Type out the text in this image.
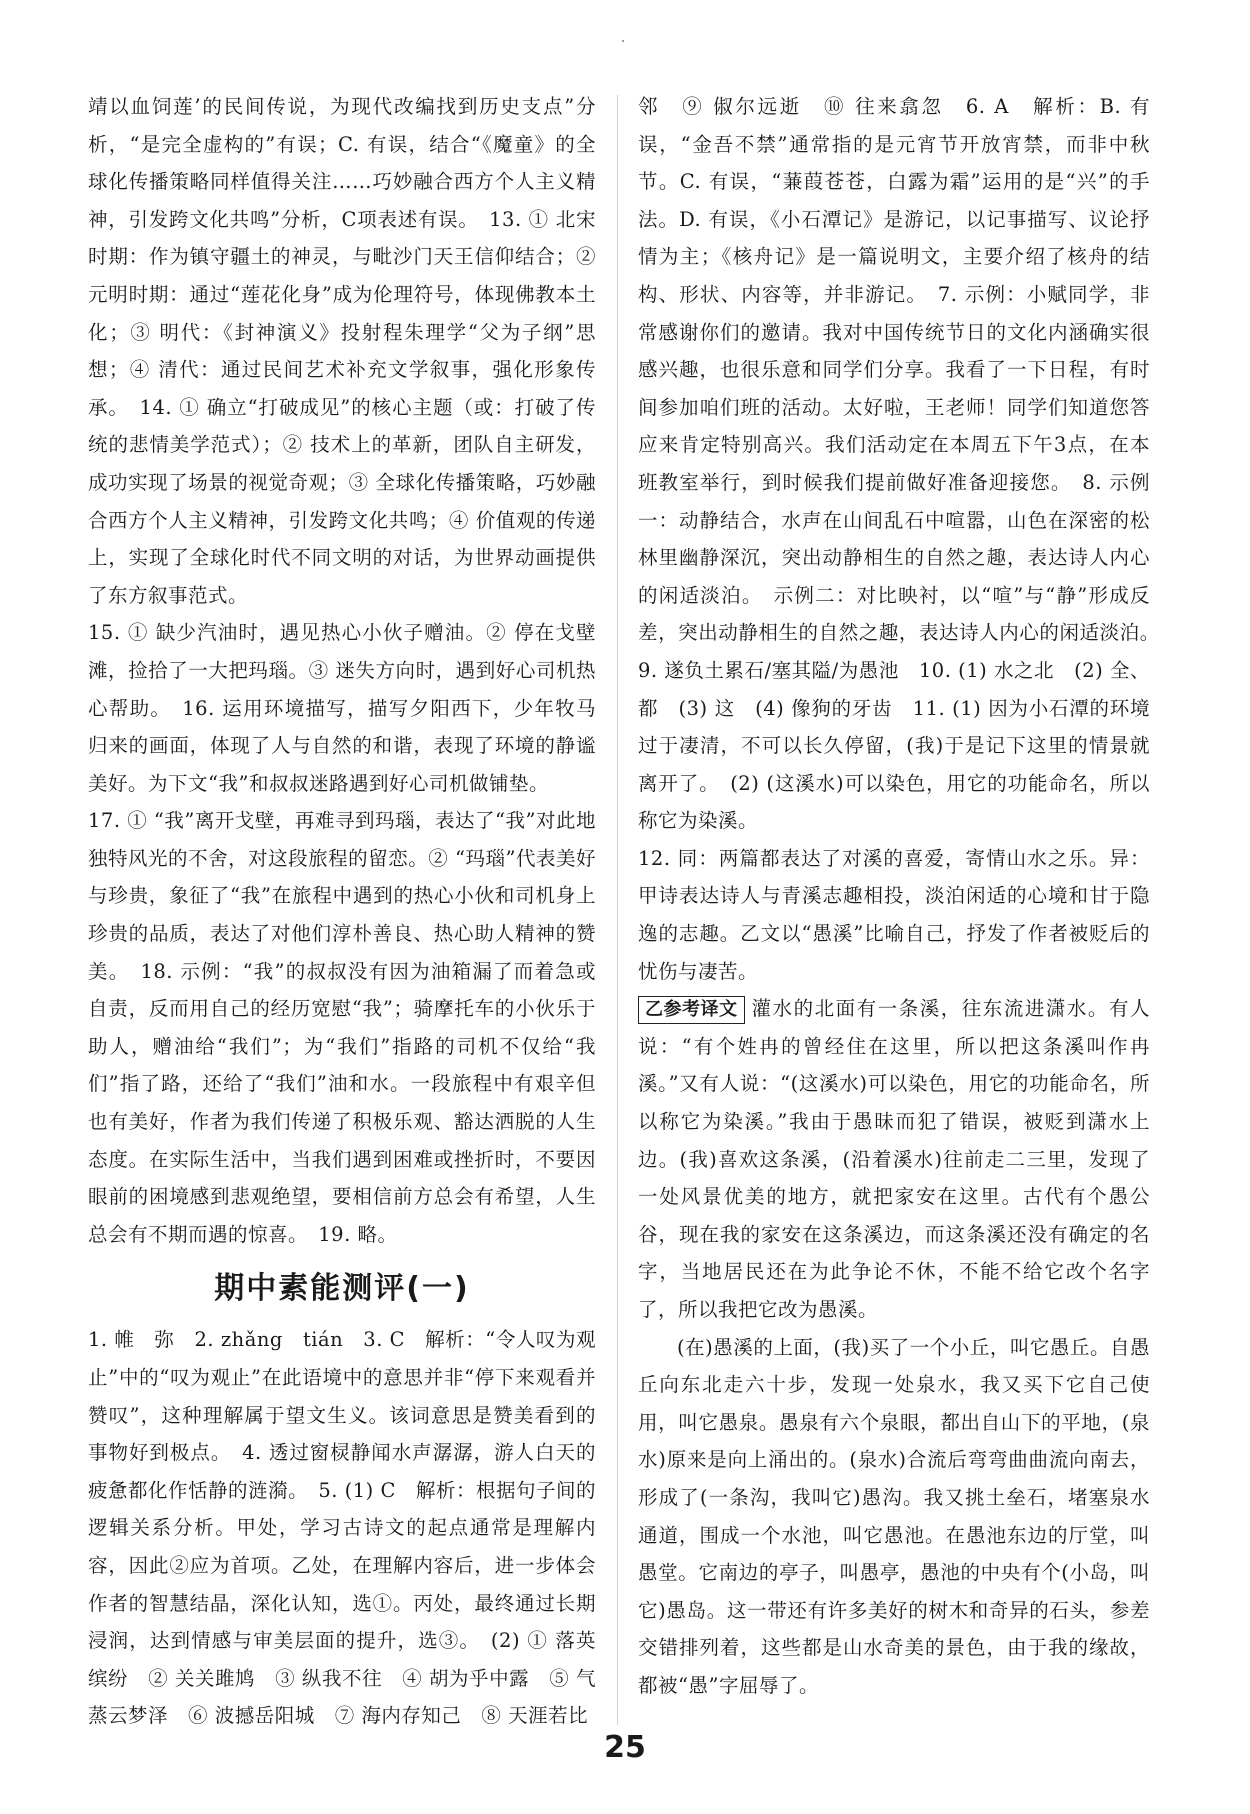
靖以血饲莲’的民间传说，为现代改编找到历史支点”分析，“是完全虚构的”有误；C. 有误，结合“《魔童》的全球化传播策略同样值得关注……巧妙融合西方个人主义精神，引发跨文化共鸣”分析，C项表述有误。　13. ① 北宋时期：作为镇守疆土的神灵，与毗沙门天王信仰结合；② 元明时期：通过“莲花化身”成为伦理符号，体现佛教本土化；③ 明代：《封神演义》投射程朱理学“父为子纲”思想；④ 清代：通过民间艺术补充文学叙事，强化形象传承。　14. ① 确立“打破成见”的核心主题（或：打破了传统的悲情美学范式）；② 技术上的革新，团队自主研发，成功实现了场景的视觉奇观；③ 全球化传播策略，巧妙融合西方个人主义精神，引发跨文化共鸣；④ 价值观的传递上，实现了全球化时代不同文明的对话，为世界动画提供了东方叙事范式。

15. ① 缺少汽油时，遇见热心小伙子赠油。② 停在戈壁滩，捡拾了一大把玛瑙。③ 迷失方向时，遇到好心司机热心帮助。　16. 运用环境描写，描写夕阳西下，少年牧马归来的画面，体现了人与自然的和谐，表现了环境的静谧美好。为下文“我”和叔叔迷路遇到好心司机做铺垫。

17. ① “我”离开戈壁，再难寻到玛瑙，表达了“我”对此地独特风光的不舍，对这段旅程的留恋。② “玛瑙”代表美好与珍贵，象征了“我”在旅程中遇到的热心小伙和司机身上珍贵的品质，表达了对他们淳朴善良、热心助人精神的赞美。　18. 示例：“我”的叔叔没有因为油箱漏了而着急或自责，反而用自己的经历宽慰“我”；骑摩托车的小伙乐于助人，赠油给“我们”；为“我们”指路的司机不仅给“我们”指了路，还给了“我们”油和水。一段旅程中有艰辛但也有美好，作者为我们传递了积极乐观、豁达洒脱的人生态度。在实际生活中，当我们遇到困难或挫折时，不要因眼前的困境感到悲观绝望，要相信前方总会有希望，人生总会有不期而遇的惊喜。　19. 略。

期中素能测评(一)

1. 帷　弥　2. zhǎng　tián　3. C　解析：“令人叹为观止”中的“叹为观止”在此语境中的意思并非“停下来观看并赞叹”，这种理解属于望文生义。该词意思是赞美看到的事物好到极点。　4. 透过窗棂静闻水声潺潺，游人白天的疲惫都化作恬静的涟漪。　5. (1) C　解析：根据句子间的逻辑关系分析。甲处，学习古诗文的起点通常是理解内容，因此②应为首项。乙处，在理解内容后，进一步体会作者的智慧结晶，深化认知，选①。丙处，最终通过长期浸润，达到情感与审美层面的提升，选③。　(2) ① 落英缤纷　② 关关雎鸠　③ 纵我不往　④ 胡为乎中露　⑤ 气蒸云梦泽　⑥ 波撼岳阳城　⑦ 海内存知己　⑧ 天涯若比

邻　⑨ 俶尔远逝　⑩ 往来翕忽　6. A　解析：B. 有误，“金吾不禁”通常指的是元宵节开放宵禁，而非中秋节。C. 有误，“蒹葭苍苍，白露为霜”运用的是“兴”的手法。D. 有误，《小石潭记》是游记，以记事描写、议论抒情为主；《核舟记》是一篇说明文，主要介绍了核舟的结构、形状、内容等，并非游记。　7. 示例：小赋同学，非常感谢你们的邀请。我对中国传统节日的文化内涵确实很感兴趣，也很乐意和同学们分享。我看了一下日程，有时间参加咱们班的活动。太好啦，王老师！同学们知道您答应来肯定特别高兴。我们活动定在本周五下午3点，在本班教室举行，到时候我们提前做好准备迎接您。　8. 示例一：动静结合，水声在山间乱石中喧嚣，山色在深密的松林里幽静深沉，突出动静相生的自然之趣，表达诗人内心的闲适淡泊。　示例二：对比映衬，以“喧”与“静”形成反差，突出动静相生的自然之趣，表达诗人内心的闲适淡泊。　9. 遂负土累石/塞其隘/为愚池　10. (1) 水之北　(2) 全、都　(3) 这　(4) 像狗的牙齿　11. (1) 因为小石潭的环境过于凄清，不可以长久停留，(我)于是记下这里的情景就离开了。　(2) (这溪水)可以染色，用它的功能命名，所以称它为染溪。

12. 同：两篇都表达了对溪的喜爱，寄情山水之乐。异：甲诗表达诗人与青溪志趣相投，淡泊闲适的心境和甘于隐逸的志趣。乙文以“愚溪”比喻自己，抒发了作者被贬后的忧伤与凄苦。

乙参考译文 灌水的北面有一条溪，往东流进潇水。有人说：“有个姓冉的曾经住在这里，所以把这条溪叫作冉溪。”又有人说：“(这溪水)可以染色，用它的功能命名，所以称它为染溪。”我由于愚昧而犯了错误，被贬到潇水上边。(我)喜欢这条溪，(沿着溪水)往前走二三里，发现了一处风景优美的地方，就把家安在这里。古代有个愚公谷，现在我的家安在这条溪边，而这条溪还没有确定的名字，当地居民还在为此争论不休，不能不给它改个名字了，所以我把它改为愚溪。

(在)愚溪的上面，(我)买了一个小丘，叫它愚丘。自愚丘向东北走六十步，发现一处泉水，我又买下它自己使用，叫它愚泉。愚泉有六个泉眼，都出自山下的平地，(泉水)原来是向上涌出的。(泉水)合流后弯弯曲曲流向南去，形成了(一条沟，我叫它)愚沟。我又挑土垒石，堵塞泉水通道，围成一个水池，叫它愚池。在愚池东边的厅堂，叫愚堂。它南边的亭子，叫愚亭，愚池的中央有个(小岛，叫它)愚岛。这一带还有许多美好的树木和奇异的石头，参差交错排列着，这些都是山水奇美的景色，由于我的缘故，都被“愚”字屈辱了。

25
